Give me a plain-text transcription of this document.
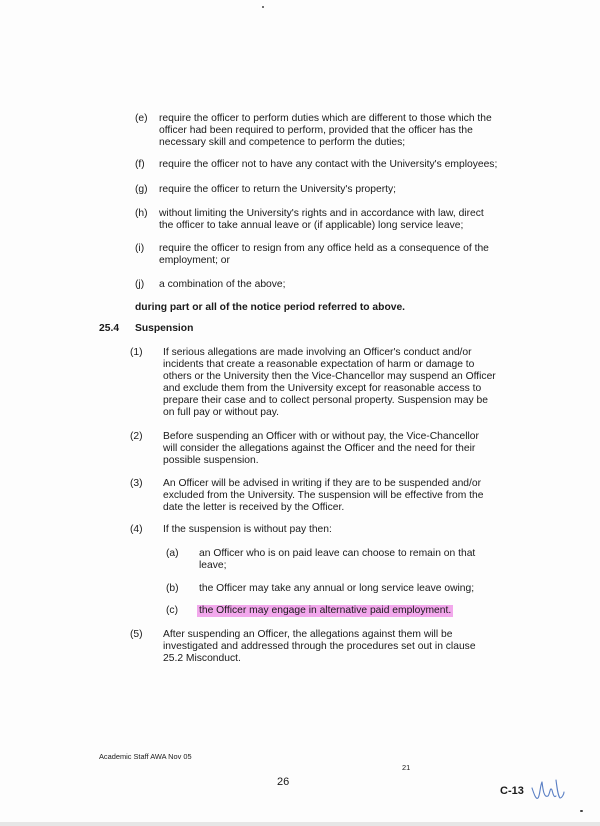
(e) require the officer to perform duties which are different to those which the
officer had been required to perform, provided that the officer has the
necessary skill and competence to perform the duties;
(f) require the officer not to have any contact with the University's employees;
(g) require the officer to return the University's property;
(h) without limiting the University's rights and in accordance with law, direct
the officer to take annual leave or (if applicable) long service leave;
(i) require the officer to resign from any office held as a consequence of the
employment; or
(j) a combination of the above;
during part or all of the notice period referred to above.
25.4 Suspension
(1) If serious allegations are made involving an Officer's conduct and/or
incidents that create a reasonable expectation of harm or damage to
others or the University then the Vice-Chancellor may suspend an Officer
and exclude them from the University except for reasonable access to
prepare their case and to collect personal property. Suspension may be
on full pay or without pay.
(2) Before suspending an Officer with or without pay, the Vice-Chancellor
will consider the allegations against the Officer and the need for their
possible suspension.
(3) An Officer will be advised in writing if they are to be suspended and/or
excluded from the University. The suspension will be effective from the
date the letter is received by the Officer.
(4) If the suspension is without pay then:
(a) an Officer who is on paid leave can choose to remain on that
leave;
(b) the Officer may take any annual or long service leave owing;
(c) the Officer may engage in alternative paid employment.
(5) After suspending an Officer, the allegations against them will be
investigated and addressed through the procedures set out in clause
25.2 Misconduct.
Academic Staff AWA Nov 05
21
26
C-13
